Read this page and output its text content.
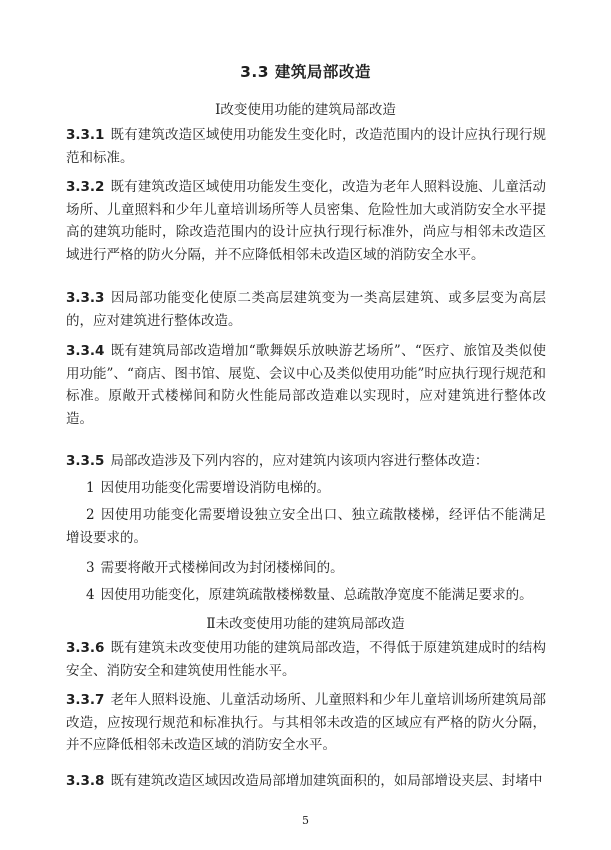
3.3 建筑局部改造
Ⅰ改变使用功能的建筑局部改造
3.3.1 既有建筑改造区域使用功能发生变化时，改造范围内的设计应执行现行规范和标准。
3.3.2 既有建筑改造区域使用功能发生变化，改造为老年人照料设施、儿童活动场所、儿童照料和少年儿童培训场所等人员密集、危险性加大或消防安全水平提高的建筑功能时，除改造范围内的设计应执行现行标准外，尚应与相邻未改造区域进行严格的防火分隔，并不应降低相邻未改造区域的消防安全水平。
3.3.3 因局部功能变化使原二类高层建筑变为一类高层建筑、或多层变为高层的，应对建筑进行整体改造。
3.3.4 既有建筑局部改造增加“歌舞娱乐放映游艺场所”、“医疗、旅馆及类似使用功能”、“商店、图书馆、展览、会议中心及类似使用功能”时应执行现行规范和标准。原敞开式楼梯间和防火性能局部改造难以实现时，应对建筑进行整体改造。
3.3.5 局部改造涉及下列内容的，应对建筑内该项内容进行整体改造：
1 因使用功能变化需要增设消防电梯的。
2 因使用功能变化需要增设独立安全出口、独立疏散楼梯，经评估不能满足增设要求的。
3 需要将敞开式楼梯间改为封闭楼梯间的。
4 因使用功能变化，原建筑疏散楼梯数量、总疏散净宽度不能满足要求的。
Ⅱ未改变使用功能的建筑局部改造
3.3.6 既有建筑未改变使用功能的建筑局部改造，不得低于原建筑建成时的结构安全、消防安全和建筑使用性能水平。
3.3.7 老年人照料设施、儿童活动场所、儿童照料和少年儿童培训场所建筑局部改造，应按现行规范和标准执行。与其相邻未改造的区域应有严格的防火分隔，并不应降低相邻未改造区域的消防安全水平。
3.3.8 既有建筑改造区域因改造局部增加建筑面积的，如局部增设夹层、封堵中
5
